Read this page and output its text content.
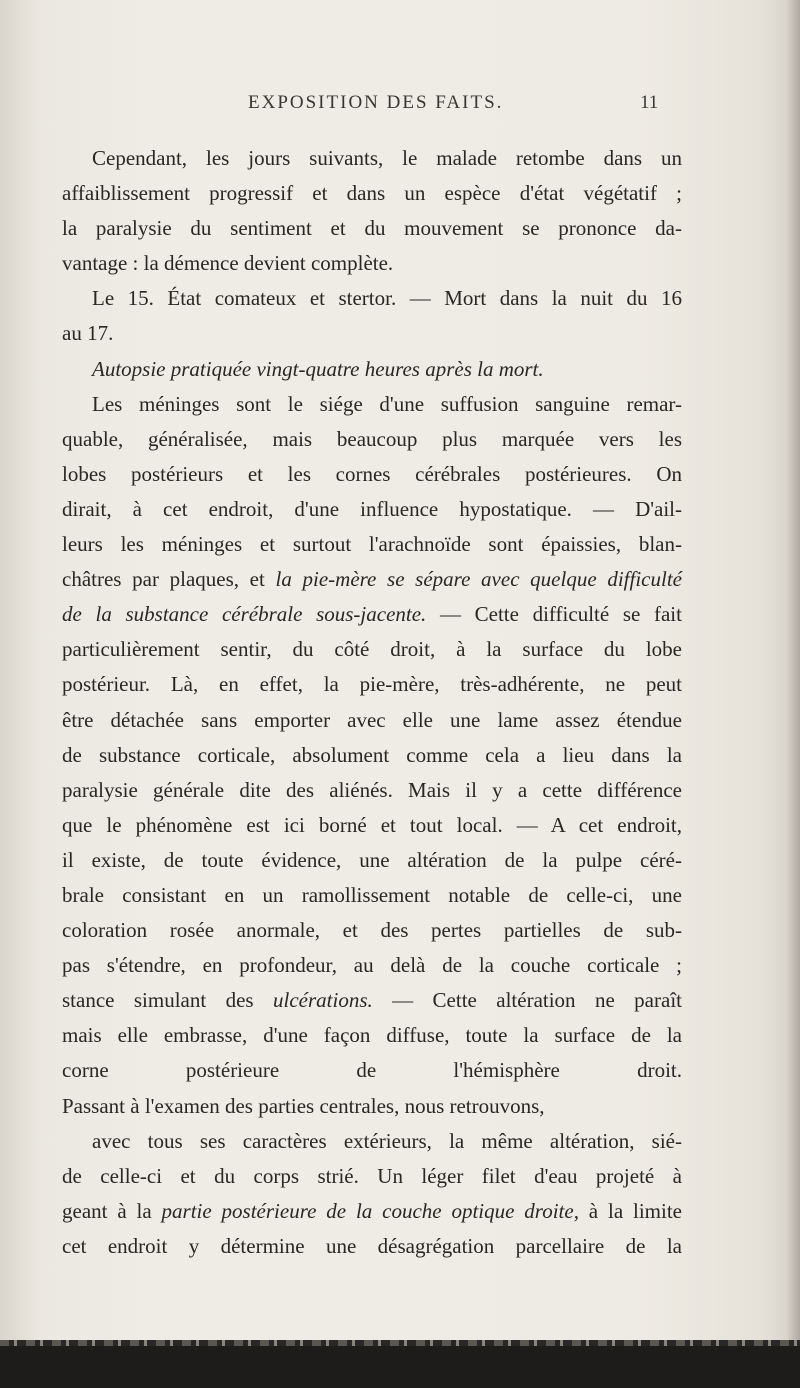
EXPOSITION DES FAITS.	11
Cependant, les jours suivants, le malade retombe dans un
affaiblissement progressif et dans un espèce d'état végétatif ;
la paralysie du sentiment et du mouvement se prononce da-
vantage : la démence devient complète.
Le 15. État comateux et stertor. — Mort dans la nuit du 16
au 17.
Autopsie pratiquée vingt-quatre heures après la mort.
Les méninges sont le siége d'une suffusion sanguine remar-
quable, généralisée, mais beaucoup plus marquée vers les
lobes postérieurs et les cornes cérébrales postérieures. On
dirait, à cet endroit, d'une influence hypostatique. — D'ail-
leurs les méninges et surtout l'arachnoïde sont épaissies, blan-
châtres par plaques, et la pie-mère se sépare avec quelque difficulté
de la substance cérébrale sous-jacente. — Cette difficulté se fait
particulièrement sentir, du côté droit, à la surface du lobe
postérieur. Là, en effet, la pie-mère, très-adhérente, ne peut
être détachée sans emporter avec elle une lame assez étendue
de substance corticale, absolument comme cela a lieu dans la
paralysie générale dite des aliénés. Mais il y a cette différence
que le phénomène est ici borné et tout local. — A cet endroit,
il existe, de toute évidence, une altération de la pulpe céré-
brale consistant en un ramollissement notable de celle-ci, une
coloration rosée anormale, et des pertes partielles de sub-
pas s'étendre, en profondeur, au delà de la couche corticale ;
stance simulant des ulcérations. — Cette altération ne paraît
mais elle embrasse, d'une façon diffuse, toute la surface de la
corne postérieure de l'hémisphère droit.
Passant à l'examen des parties centrales, nous retrouvons,
avec tous ses caractères extérieurs, la même altération, sié-
de celle-ci et du corps strié. Un léger filet d'eau projeté à
geant à la partie postérieure de la couche optique droite, à la limite
cet endroit y détermine une désagrégation parcellaire de la
